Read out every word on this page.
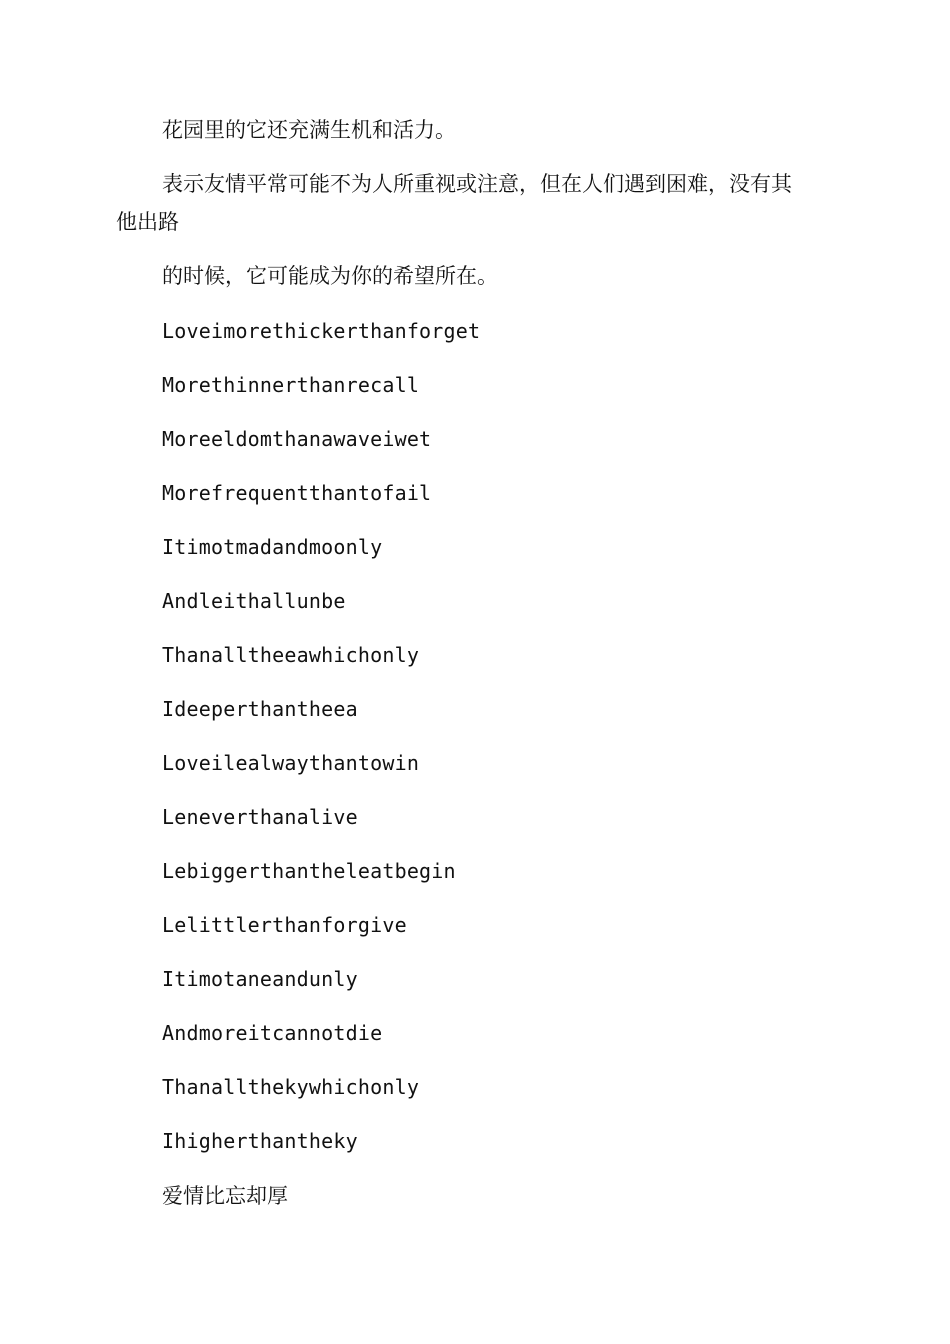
花园里的它还充满生机和活力。

表示友情平常可能不为人所重视或注意，但在人们遇到困难，没有其

他出路

的时候，它可能成为你的希望所在。

Loveimorethickerthanforget

Morethinnerthanrecall

Moreeldomthanawaveiwet

Morefrequentthantofail

Itimotmadandmoonly

Andleithallunbe

Thanalltheeawhichonly

Ideeperthantheea

Loveilealwaythantowin

Leneverthanalive

Lebiggerthantheleatbegin

Lelittlerthanforgive

Itimotaneandunly

Andmoreitcannotdie

Thanallthekywhichonly

Ihigherthantheky

爱情比忘却厚
